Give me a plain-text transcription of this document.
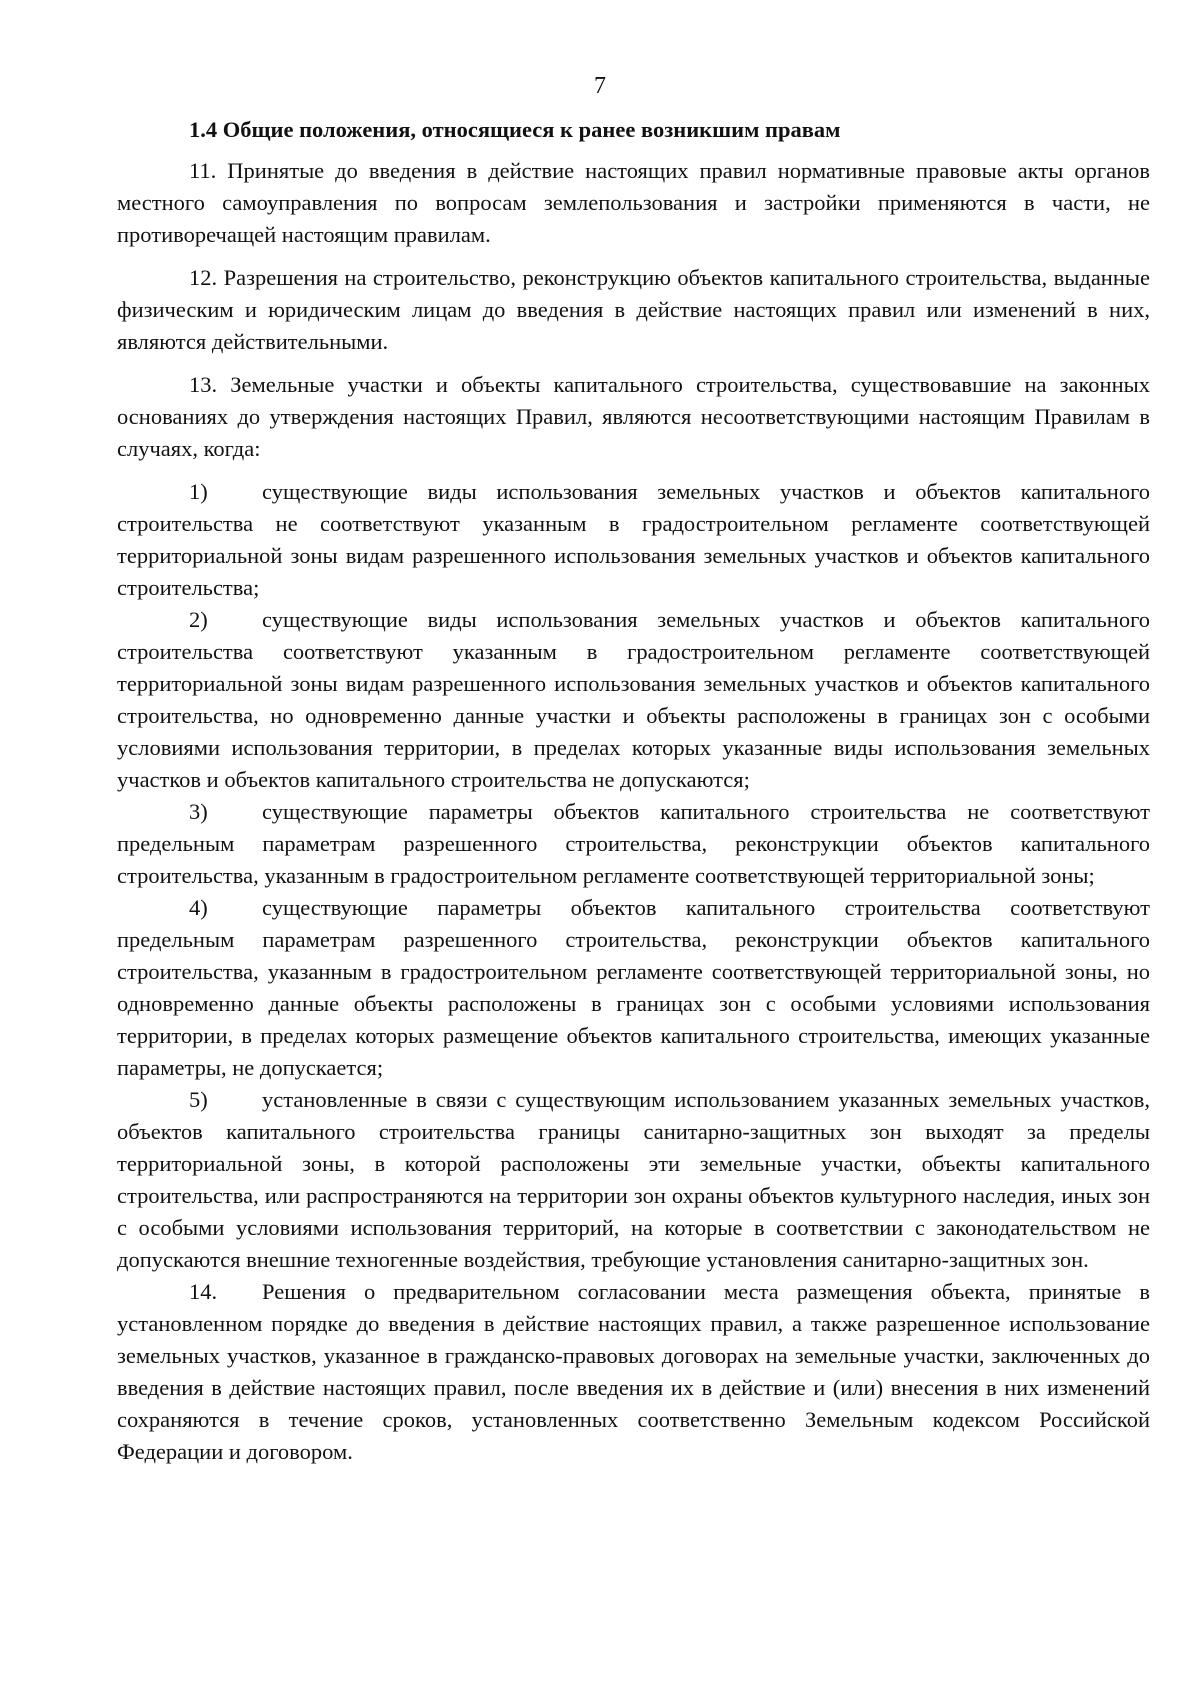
7
1.4 Общие положения, относящиеся к ранее возникшим правам

11. Принятые до введения в действие настоящих правил нормативные правовые акты органов местного самоуправления по вопросам землепользования и застройки применяются в части, не противоречащей настоящим правилам.

12. Разрешения на строительство, реконструкцию объектов капитального строительства, выданные физическим и юридическим лицам до введения в действие настоящих правил или изменений в них, являются действительными.

13. Земельные участки и объекты капитального строительства, существовавшие на законных основаниях до утверждения настоящих Правил, являются несоответствующими настоящим Правилам в случаях, когда:

1) существующие виды использования земельных участков и объектов капитального строительства не соответствуют указанным в градостроительном регламенте соответствующей территориальной зоны видам разрешенного использования земельных участков и объектов капитального строительства;
2) существующие виды использования земельных участков и объектов капитального строительства соответствуют указанным в градостроительном регламенте соответствующей территориальной зоны видам разрешенного использования земельных участков и объектов капитального строительства, но одновременно данные участки и объекты расположены в границах зон с особыми условиями использования территории, в пределах которых указанные виды использования земельных участков и объектов капитального строительства не допускаются;
3) существующие параметры объектов капитального строительства не соответствуют предельным параметрам разрешенного строительства, реконструкции объектов капитального строительства, указанным в градостроительном регламенте соответствующей территориальной зоны;
4) существующие параметры объектов капитального строительства соответствуют предельным параметрам разрешенного строительства, реконструкции объектов капитального строительства, указанным в градостроительном регламенте соответствующей территориальной зоны, но одновременно данные объекты расположены в границах зон с особыми условиями использования территории, в пределах которых размещение объектов капитального строительства, имеющих указанные параметры, не допускается;
5) установленные в связи с существующим использованием указанных земельных участков, объектов капитального строительства границы санитарно-защитных зон выходят за пределы территориальной зоны, в которой расположены эти земельные участки, объекты капитального строительства, или распространяются на территории зон охраны объектов культурного наследия, иных зон с особыми условиями использования территорий, на которые в соответствии с законодательством не допускаются внешние техногенные воздействия, требующие установления санитарно-защитных зон.
14. Решения о предварительном согласовании места размещения объекта, принятые в установленном порядке до введения в действие настоящих правил, а также разрешенное использование земельных участков, указанное в гражданско-правовых договорах на земельные участки, заключенных до введения в действие настоящих правил, после введения их в действие и (или) внесения в них изменений сохраняются в течение сроков, установленных соответственно Земельным кодексом Российской Федерации и договором.
